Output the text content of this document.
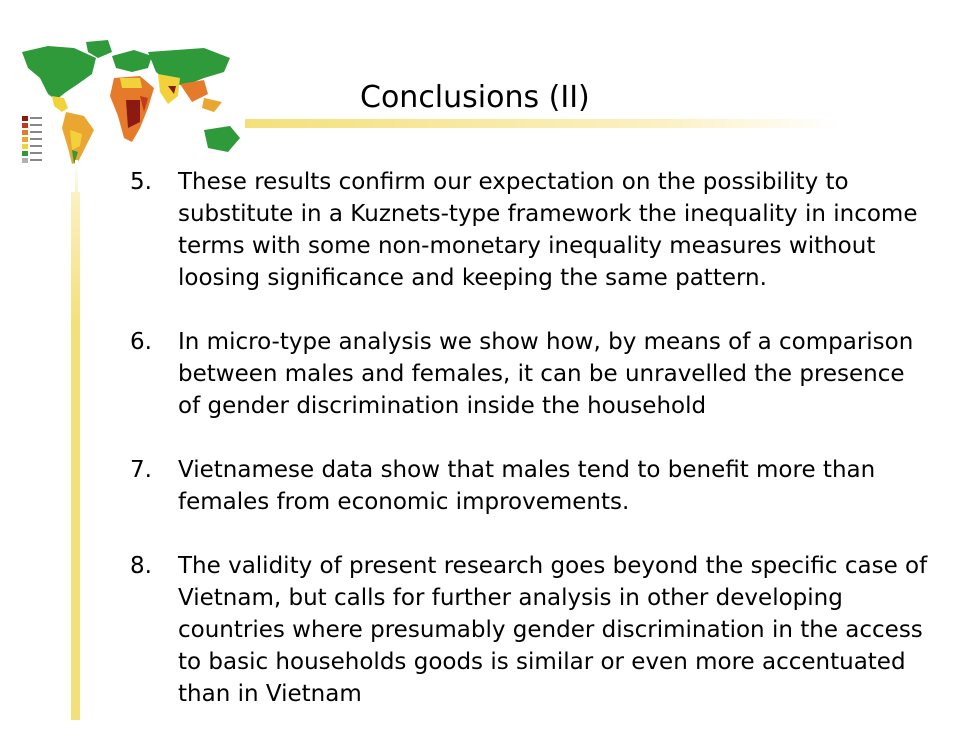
Conclusions (II)
5. These results confirm our expectation on the possibility to substitute in a Kuznets-type framework the inequality in income terms with some non-monetary inequality measures without loosing significance and keeping the same pattern.
6. In micro-type analysis we show how, by means of a comparison between males and females, it can be unravelled the presence of gender discrimination inside the household
7. Vietnamese data show that males tend to benefit more than females from economic improvements.
8. The validity of present research goes beyond the specific case of Vietnam, but calls for further analysis in other developing countries where presumably gender discrimination in the access to basic households goods is similar or even more accentuated than in Vietnam
